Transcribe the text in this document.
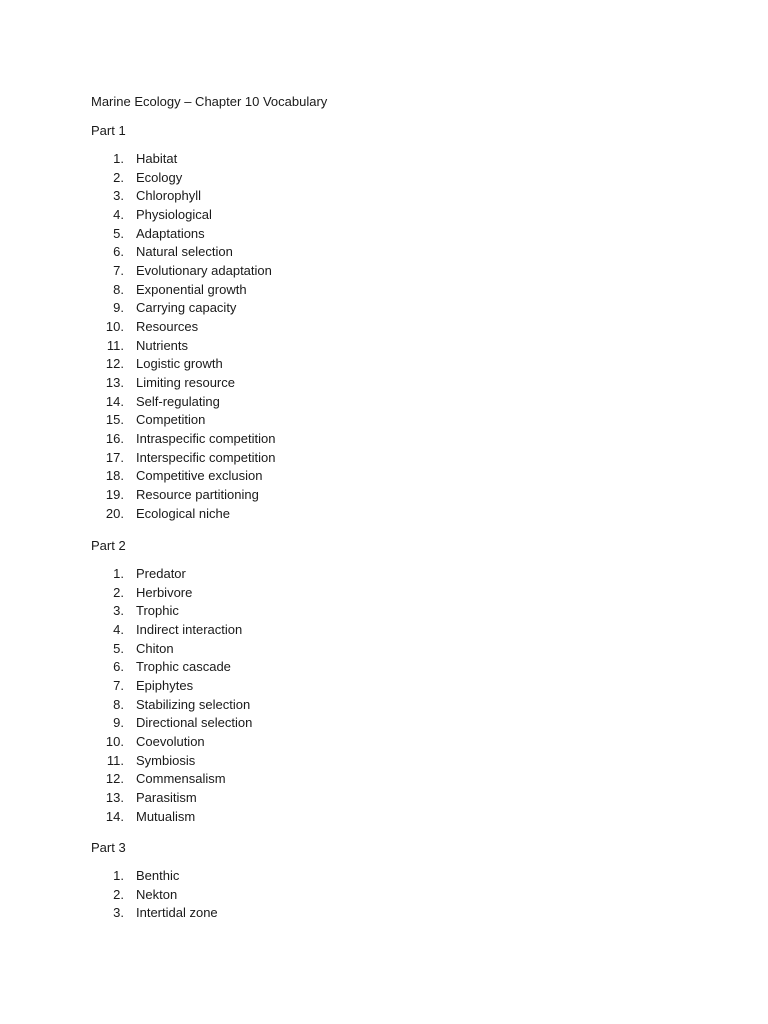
Marine Ecology – Chapter 10 Vocabulary
Part 1
1. Habitat
2. Ecology
3. Chlorophyll
4. Physiological
5. Adaptations
6. Natural selection
7. Evolutionary adaptation
8. Exponential growth
9. Carrying capacity
10. Resources
11. Nutrients
12. Logistic growth
13. Limiting resource
14. Self-regulating
15. Competition
16. Intraspecific competition
17. Interspecific competition
18. Competitive exclusion
19. Resource partitioning
20. Ecological niche
Part 2
1. Predator
2. Herbivore
3. Trophic
4. Indirect interaction
5. Chiton
6. Trophic cascade
7. Epiphytes
8. Stabilizing selection
9. Directional selection
10. Coevolution
11. Symbiosis
12. Commensalism
13. Parasitism
14. Mutualism
Part 3
1. Benthic
2. Nekton
3. Intertidal zone
